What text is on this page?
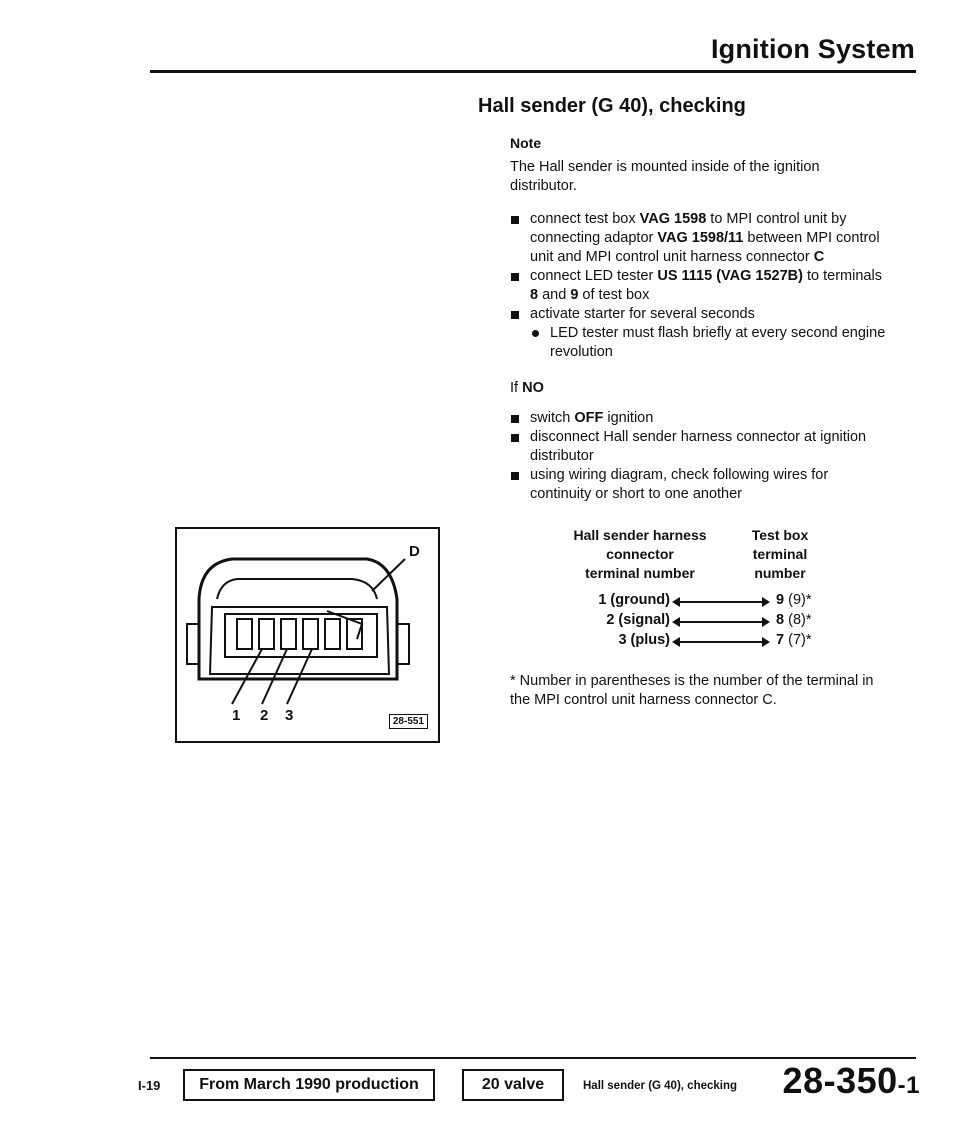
Ignition System
Hall sender (G 40), checking
Note
The Hall sender is mounted inside of the ignition distributor.
connect test box VAG 1598 to MPI control unit by connecting adaptor VAG 1598/11 between MPI control unit and MPI control unit harness connector C
connect LED tester US 1115 (VAG 1527B) to terminals 8 and 9 of test box
activate starter for several seconds
LED tester must flash briefly at every second engine revolution
If NO
switch OFF ignition
disconnect Hall sender harness connector at ignition distributor
using wiring diagram, check following wires for continuity or short to one another
Hall sender harness
connector
terminal number
Test box
terminal
number
1 (ground)	9 (9)*
2 (signal)	8 (8)*
3 (plus)	7 (7)*
* Number in parentheses is the number of the terminal in the MPI control unit harness connector C.
D
1 2 3	28-551
I-19	From March 1990 production	20 valve	Hall sender (G 40), checking 28-350-1
